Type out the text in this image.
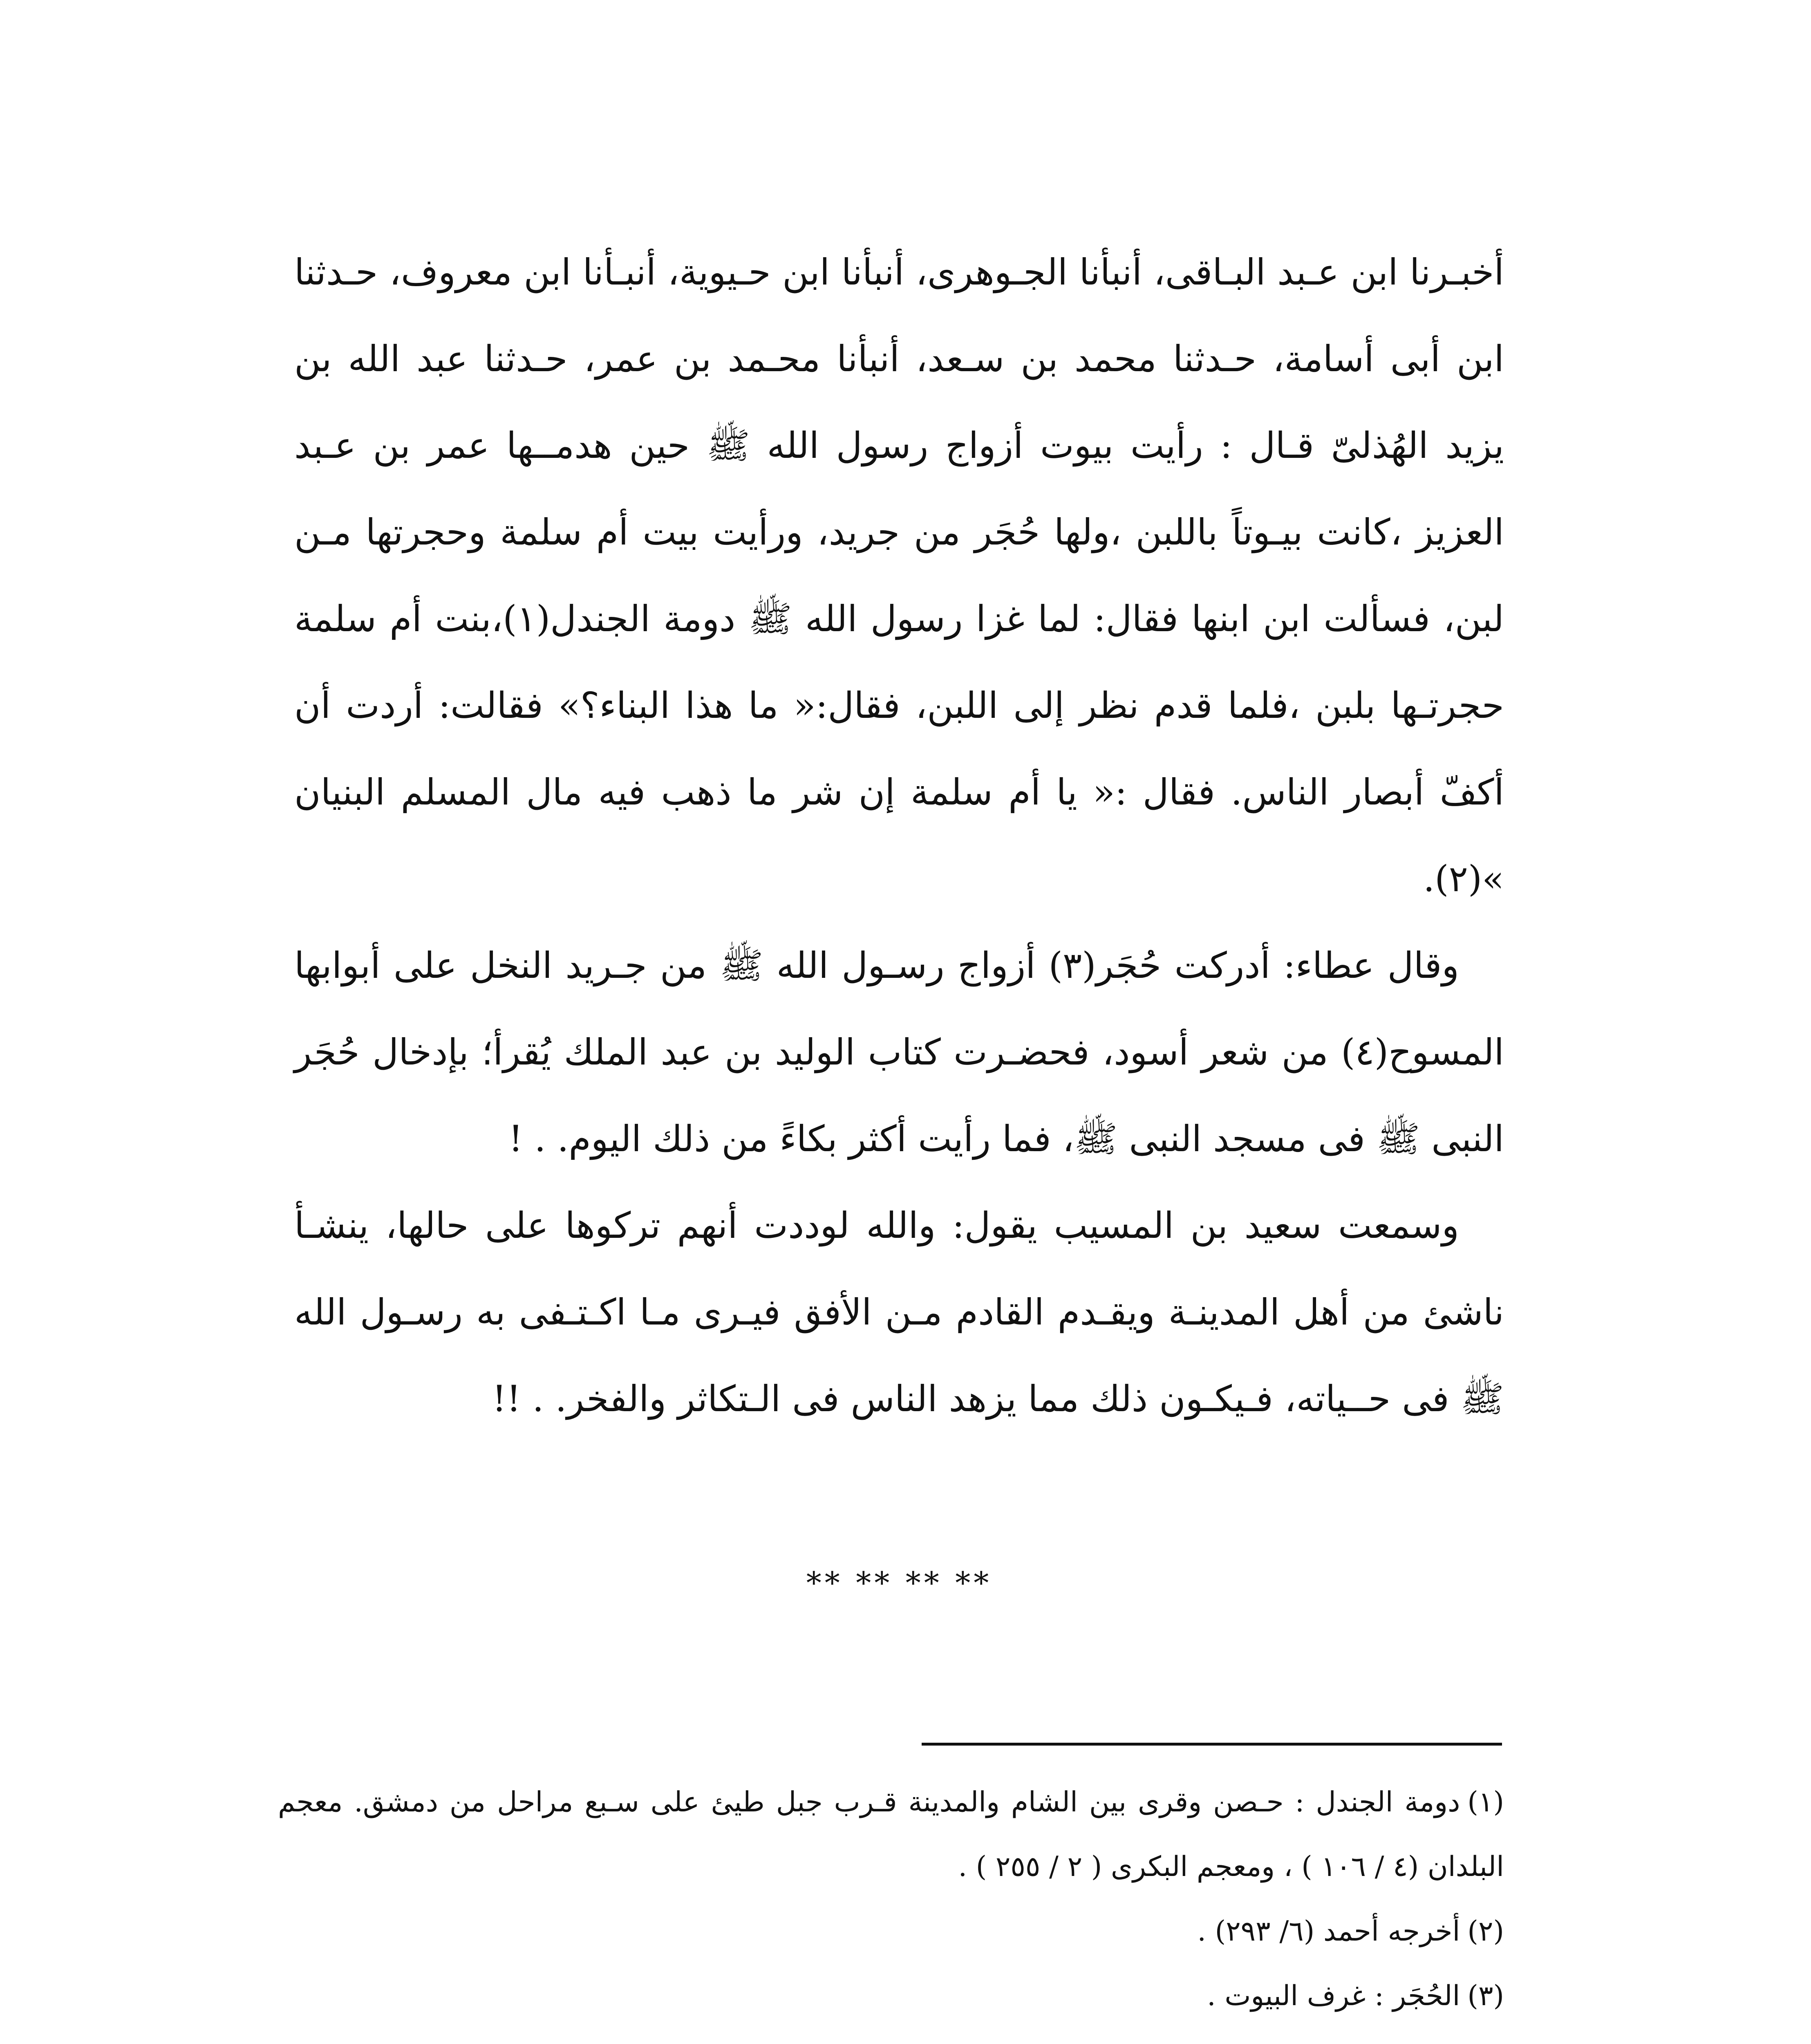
أخبـرنا ابن عـبد البـاقى، أنبأنا الجـوهرى، أنبأنا ابن حـيوية، أنبـأنا ابن معروف، حـدثنا ابن أبى أسامة، حـدثنا محمد بن سـعد، أنبأنا محـمد بن عمر، حـدثنا عبد الله بن يزيد الهُذلىّ قـال : رأيت بيوت أزواج رسول الله ﷺ حين هدمــها عمر بن عـبد العزيز ،كانت بيـوتاً باللبن ،ولها حُجَر من جريد، ورأيت بيت أم سلمة وحجرتها مـن لبن، فسألت ابن ابنها فقال: لما غزا رسول الله ﷺ دومة الجندل(١)،بنت أم سلمة حجرتـها بلبن ،فلما قدم نظر إلى اللبن، فقال:« ما هذا البناء؟» فقالت: أردت أن أكفّ أبصار الناس. فقال :« يا أم سلمة إن شر ما ذهب فيه مال المسلم البنيان »(٢).

وقال عطاء: أدركت حُجَر(٣) أزواج رسـول الله ﷺ من جـريد النخل على أبوابها المسوح(٤) من شعر أسود، فحضـرت كتاب الوليد بن عبد الملك يُقرأ؛ بإدخال حُجَر النبى ﷺ فى مسجد النبى ﷺ، فما رأيت أكثر بكاءً من ذلك اليوم. . !

وسمعت سعيد بن المسيب يقول: والله لوددت أنهم تركوها على حالها، ينشـأ ناشئ من أهل المدينـة ويقـدم القادم مـن الأفق فيـرى مـا اكـتـفى به رسـول الله ﷺ فى حــياته، فـيكـون ذلك مما يزهد الناس فى الـتكاثر والفخر. . !!

** ** ** **

(١)دومة الجندل : حـصن وقرى بين الشام والمدينة قـرب جبل طيئ على سـبع مراحل من دمشق. معجم البلدان (٤ / ١٠٦ ) ، ومعجم البكرى ( ٢ / ٢٥٥ ) .

(٢)أخرجه أحمد (٦/ ٢٩٣) .

(٣)الحُجَر : غرف البيوت .
